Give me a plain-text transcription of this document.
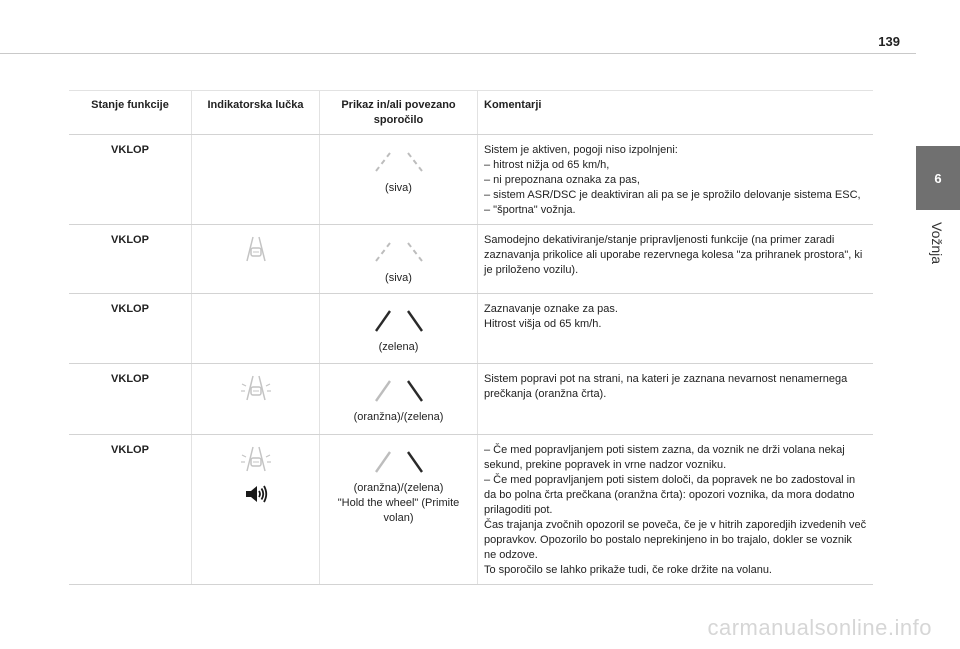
139
6
Vožnja
Stanje funkcije	Indikatorska lučka	Prikaz in/ali povezano sporočilo	Komentarji
VKLOP		(siva)	Sistem je aktiven, pogoji niso izpolnjeni:
– hitrost nižja od 65 km/h,
– ni prepoznana oznaka za pas,
– sistem ASR/DSC je deaktiviran ali pa se je sprožilo delovanje sistema ESC,
– "športna" vožnja.

VKLOP		(siva)	Samodejno dekativiranje/stanje pripravljenosti funkcije (na primer zaradi zaznavanja prikolice ali uporabe rezervnega kolesa "za prihranek prostora", ki je priloženo vozilu).

VKLOP		(zelena)	Zaznavanje oznake za pas.
Hitrost višja od 65 km/h.

VKLOP		(oranžna)/(zelena)	Sistem popravi pot na strani, na kateri je zaznana nevarnost nenamernega prečkanja (oranžna črta).

VKLOP		(oranžna)/(zelena)
"Hold the wheel" (Primite volan)	– Če med popravljanjem poti sistem zazna, da voznik ne drži volana nekaj sekund, prekine popravek in vrne nadzor vozniku.
– Če med popravljanjem poti sistem določi, da popravek ne bo zadostoval in da bo polna črta prečkana (oranžna črta): opozori voznika, da mora dodatno prilagoditi pot.
Čas trajanja zvočnih opozoril se poveča, če je v hitrih zaporedjih izvedenih več popravkov. Opozorilo bo postalo neprekinjeno in bo trajalo, dokler se voznik ne odzove.
To sporočilo se lahko prikaže tudi, če roke držite na volanu.
carmanualsonline.info
